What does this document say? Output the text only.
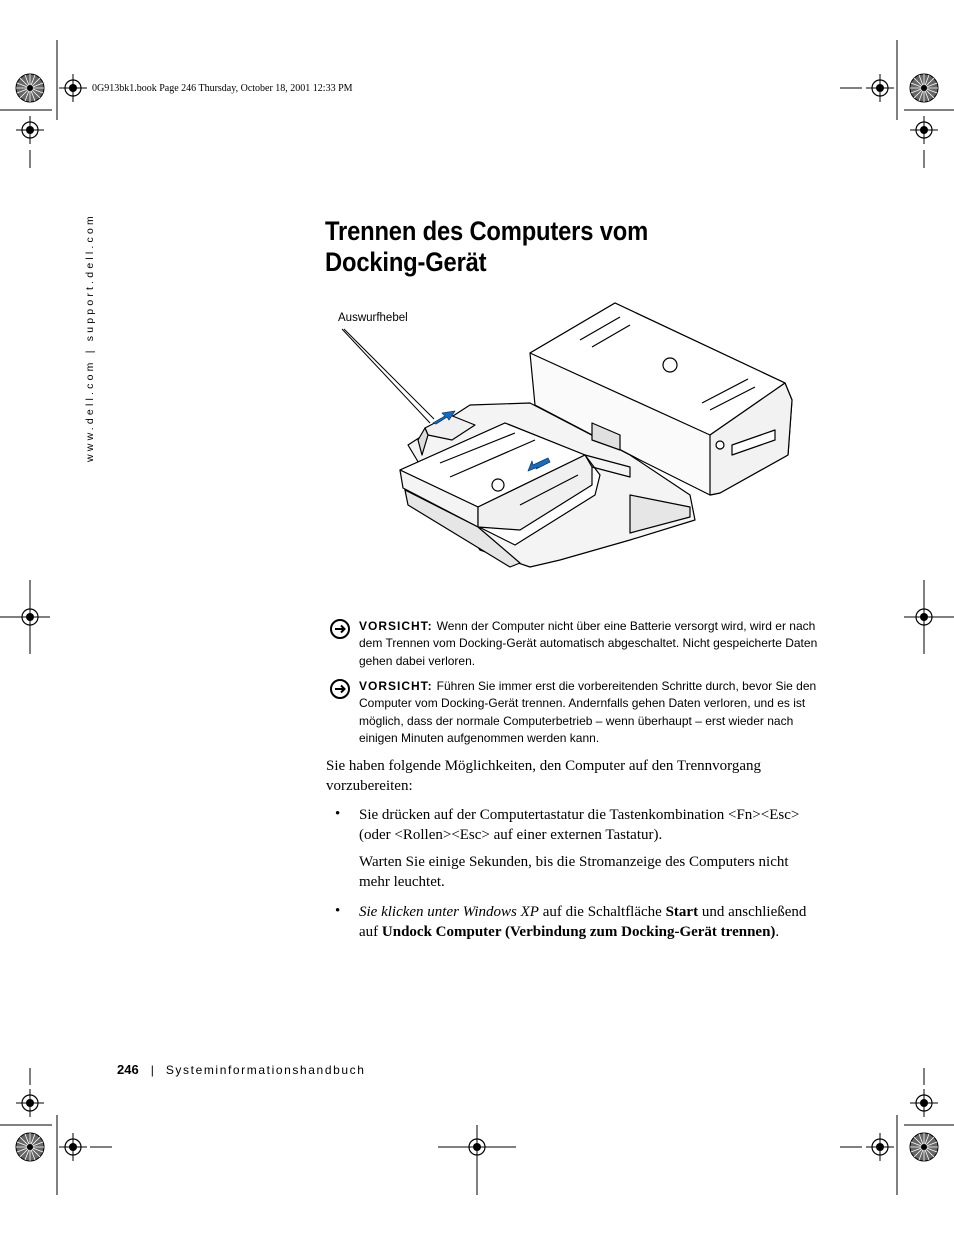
0G913bk1.book Page 246 Thursday, October 18, 2001 12:33 PM
www.dell.com | support.dell.com	Trennen des Computers vom
Docking-Gerät
Auswurfhebel
VORSICHT: Wenn der Computer nicht über eine Batterie versorgt wird, wird er nach dem Trennen vom Docking-Gerät automatisch abgeschaltet. Nicht gespeicherte Daten gehen dabei verloren.
VORSICHT: Führen Sie immer erst die vorbereitenden Schritte durch, bevor Sie den Computer vom Docking-Gerät trennen. Andernfalls gehen Daten verloren, und es ist möglich, dass der normale Computerbetrieb – wenn überhaupt – erst wieder nach einigen Minuten aufgenommen werden kann.
Sie haben folgende Möglichkeiten, den Computer auf den Trennvorgang vorzubereiten:
• Sie drücken auf der Computertastatur die Tastenkombination <Fn><Esc>(oder <Rollen><Esc> auf einer externen Tastatur).
Warten Sie einige Sekunden, bis die Stromanzeige des Computers nicht mehr leuchtet.
• Sie klicken unter Windows XP auf die Schaltfläche Start und anschließend auf Undock Computer (Verbindung zum Docking-Gerät trennen).
246 | Systeminformationshandbuch
